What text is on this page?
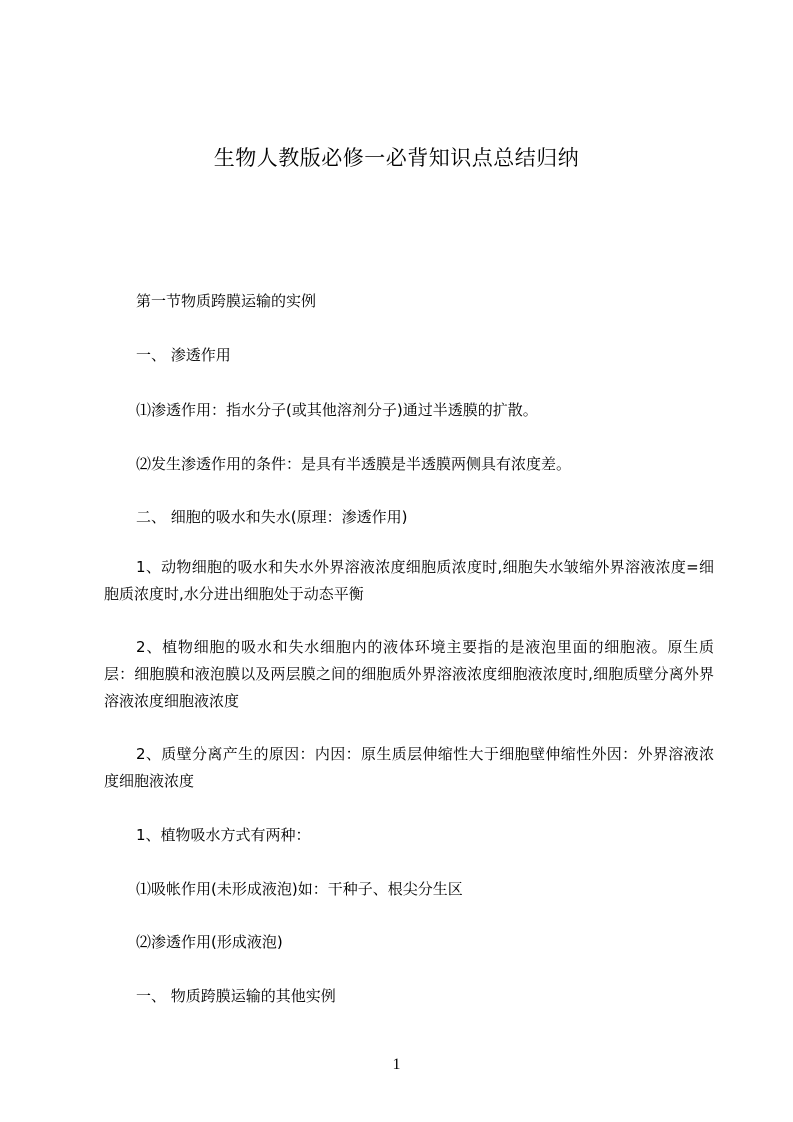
生物人教版必修一必背知识点总结归纳
第一节物质跨膜运输的实例
一、 渗透作用
⑴渗透作用：指水分子(或其他溶剂分子)通过半透膜的扩散。
⑵发生渗透作用的条件：是具有半透膜是半透膜两侧具有浓度差。
二、 细胞的吸水和失水(原理：渗透作用)
1、动物细胞的吸水和失水外界溶液浓度细胞质浓度时,细胞失水皱缩外界溶液浓度=细胞质浓度时,水分进出细胞处于动态平衡
2、植物细胞的吸水和失水细胞内的液体环境主要指的是液泡里面的细胞液。原生质层：细胞膜和液泡膜以及两层膜之间的细胞质外界溶液浓度细胞液浓度时,细胞质壁分离外界溶液浓度细胞液浓度
2、质壁分离产生的原因：内因：原生质层伸缩性大于细胞壁伸缩性外因：外界溶液浓度细胞液浓度
1、植物吸水方式有两种：
⑴吸帐作用(未形成液泡)如：干种子、根尖分生区
⑵渗透作用(形成液泡)
一、 物质跨膜运输的其他实例
1
